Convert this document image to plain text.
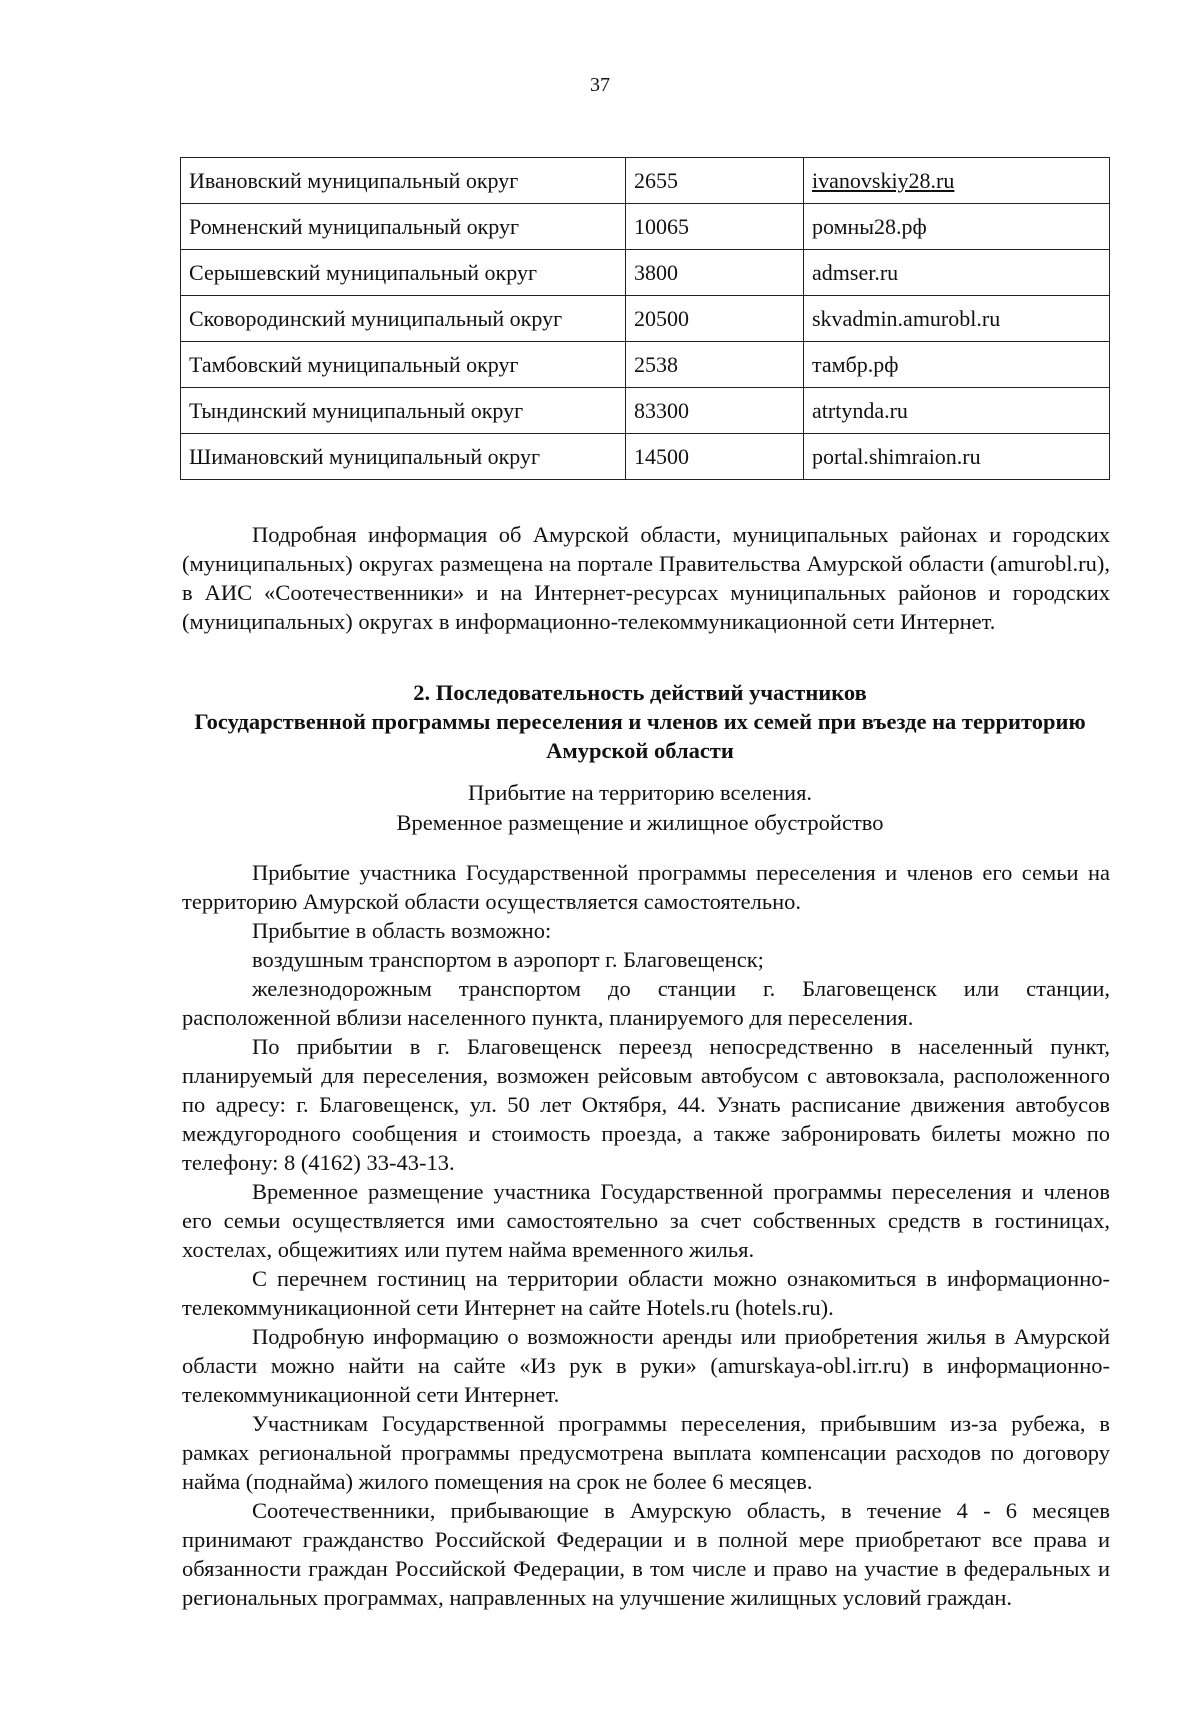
37
Ивановский муниципальный округ	2655	ivanovskiy28.ru
Ромненский муниципальный округ	10065	ромны28.рф
Серышевский муниципальный округ	3800	admser.ru
Сковородинский муниципальный округ	20500	skvadmin.amurobl.ru
Тамбовский муниципальный округ	2538	тамбр.рф
Тындинский муниципальный округ	83300	atrtynda.ru
Шимановский муниципальный округ	14500	portal.shimraion.ru

Подробная информация об Амурской области, муниципальных районах и городских (муниципальных) округах размещена на портале Правительства Амурской области (amurobl.ru), в АИС «Соотечественники» и на Интернет-ресурсах муниципальных районов и городских (муниципальных) округах в информационно-телекоммуникационной сети Интернет.

2. Последовательность действий участников
Государственной программы переселения и членов их семей при въезде на территорию
Амурской области
Прибытие на территорию вселения.
Временное размещение и жилищное обустройство

Прибытие участника Государственной программы переселения и членов его семьи на территорию Амурской области осуществляется самостоятельно.

Прибытие в область возможно:

воздушным транспортом в аэропорт г. Благовещенск;

железнодорожным транспортом до станции г. Благовещенск или станции, расположенной вблизи населенного пункта, планируемого для переселения.

По прибытии в г. Благовещенск переезд непосредственно в населенный пункт, планируемый для переселения, возможен рейсовым автобусом с автовокзала, расположенного по адресу: г. Благовещенск, ул. 50 лет Октября, 44. Узнать расписание движения автобусов междугородного сообщения и стоимость проезда, а также забронировать билеты можно по телефону: 8 (4162) 33-43-13.

Временное размещение участника Государственной программы переселения и членов его семьи осуществляется ими самостоятельно за счет собственных средств в гостиницах, хостелах, общежитиях или путем найма временного жилья.

С перечнем гостиниц на территории области можно ознакомиться в информационно-телекоммуникационной сети Интернет на сайте Hotels.ru (hotels.ru).

Подробную информацию о возможности аренды или приобретения жилья в Амурской области можно найти на сайте «Из рук в руки» (amurskaya-obl.irr.ru) в информационно-телекоммуникационной сети Интернет.

Участникам Государственной программы переселения, прибывшим из-за рубежа, в рамках региональной программы предусмотрена выплата компенсации расходов по договору найма (поднайма) жилого помещения на срок не более 6 месяцев.

Соотечественники, прибывающие в Амурскую область, в течение 4 - 6 месяцев принимают гражданство Российской Федерации и в полной мере приобретают все права и обязанности граждан Российской Федерации, в том числе и право на участие в федеральных и региональных программах, направленных на улучшение жилищных условий граждан.
